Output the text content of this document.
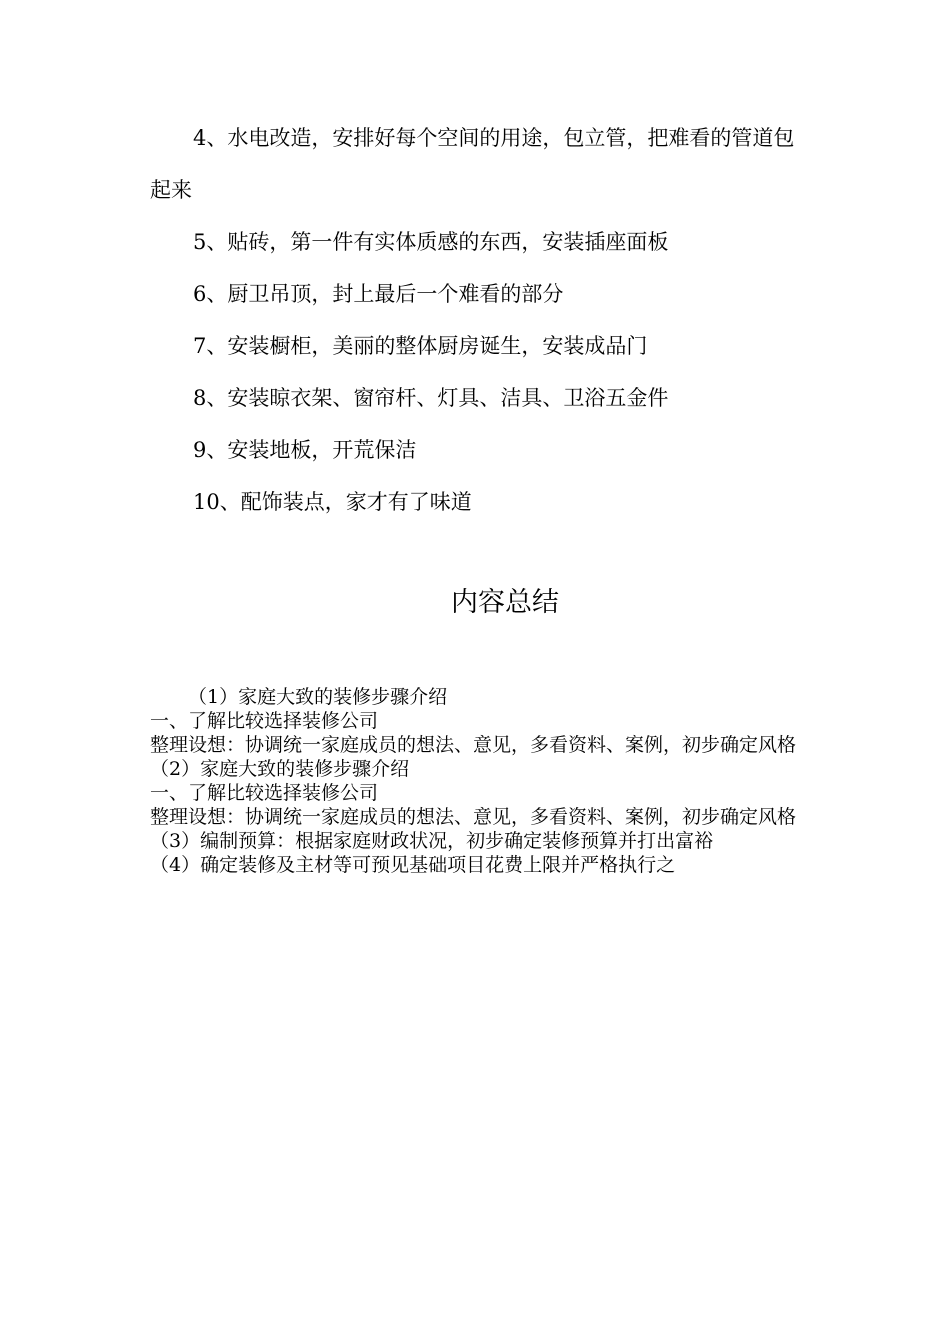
4、水电改造，安排好每个空间的用途，包立管，把难看的管道包起来

5、贴砖，第一件有实体质感的东西，安装插座面板

6、厨卫吊顶，封上最后一个难看的部分

7、安装橱柜，美丽的整体厨房诞生，安装成品门

8、安装晾衣架、窗帘杆、灯具、洁具、卫浴五金件

9、安装地板，开荒保洁

10、配饰装点，家才有了味道

内容总结

（1）家庭大致的装修步骤介绍

一、了解比较选择装修公司

整理设想：协调统一家庭成员的想法、意见，多看资料、案例，初步确定风格

（2）家庭大致的装修步骤介绍

一、了解比较选择装修公司

整理设想：协调统一家庭成员的想法、意见，多看资料、案例，初步确定风格

（3）编制预算：根据家庭财政状况，初步确定装修预算并打出富裕

（4）确定装修及主材等可预见基础项目花费上限并严格执行之
